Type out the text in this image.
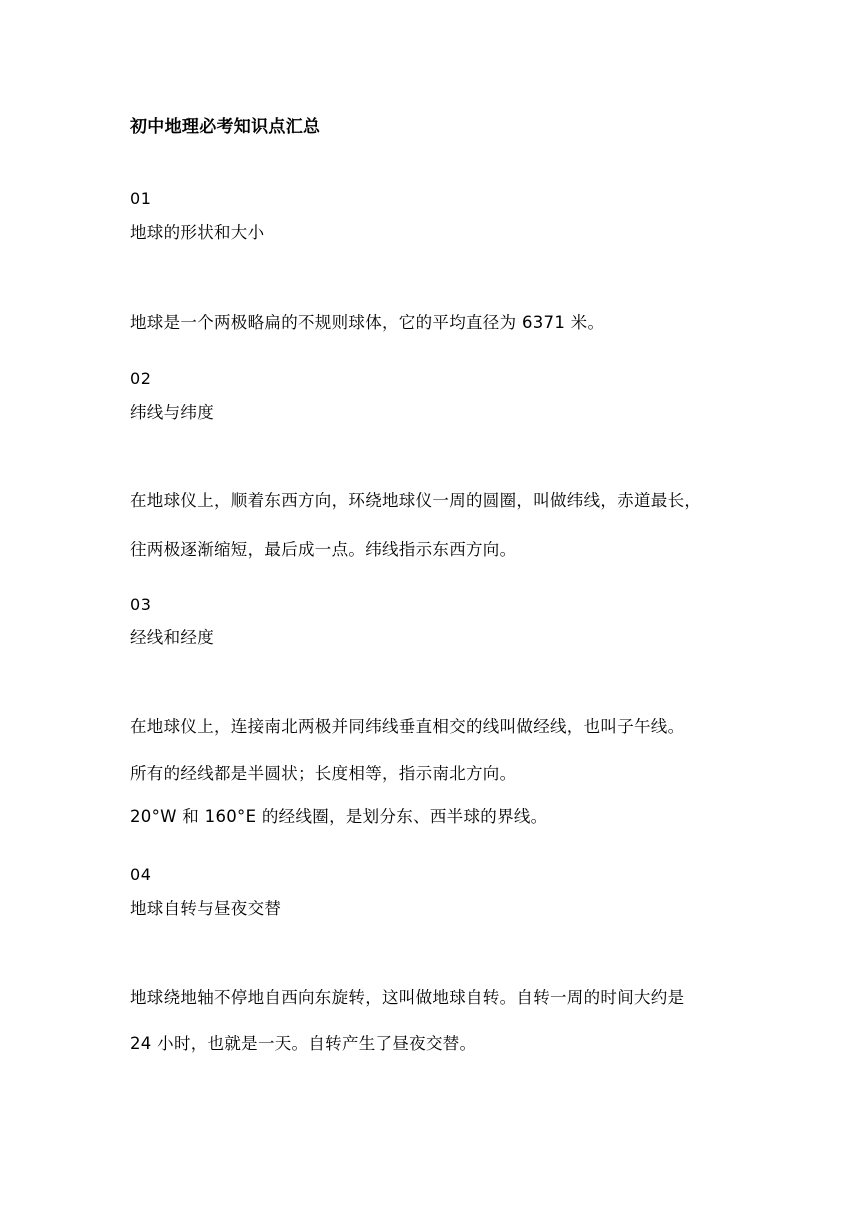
初中地理必考知识点汇总
01
地球的形状和大小
地球是一个两极略扁的不规则球体，它的平均直径为 6371 米。
02
纬线与纬度
在地球仪上，顺着东西方向，环绕地球仪一周的圆圈，叫做纬线，赤道最长，
往两极逐渐缩短，最后成一点。纬线指示东西方向。
03
经线和经度
在地球仪上，连接南北两极并同纬线垂直相交的线叫做经线，也叫子午线。
所有的经线都是半圆状；长度相等，指示南北方向。
20°W 和 160°E 的经线圈，是划分东、西半球的界线。
04
地球自转与昼夜交替
地球绕地轴不停地自西向东旋转，这叫做地球自转。自转一周的时间大约是
24 小时，也就是一天。自转产生了昼夜交替。
